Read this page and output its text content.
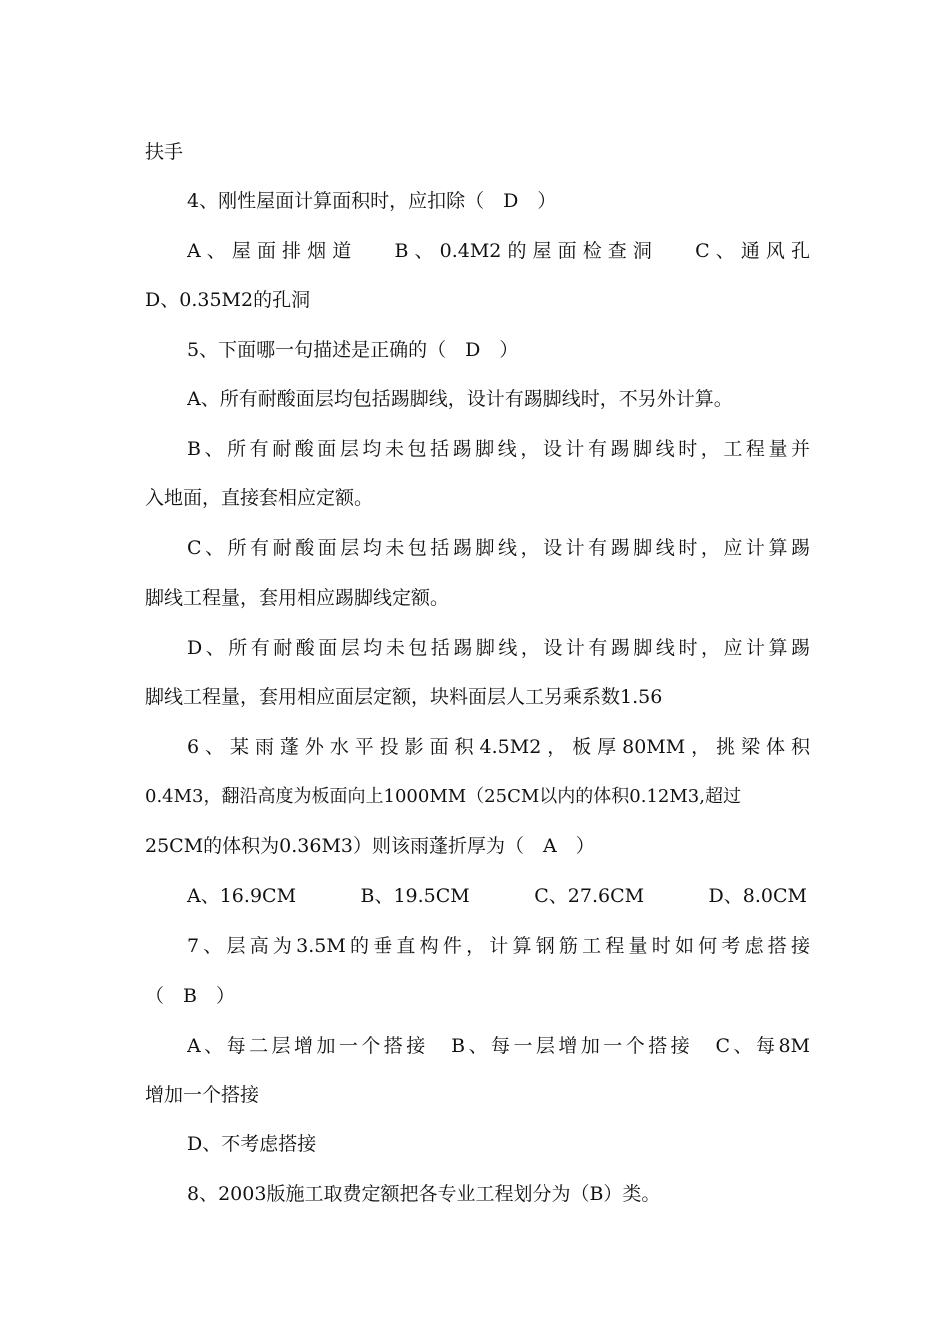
扶手
4、刚性屋面计算面积时，应扣除（　D　）
A、屋面排烟道　 B、0.4M2的屋面检查洞　 C、通风孔
D、0.35M2的孔洞
5、下面哪一句描述是正确的（　D　）
A、所有耐酸面层均包括踢脚线，设计有踢脚线时，不另外计算。
B、所有耐酸面层均未包括踢脚线，设计有踢脚线时，工程量并
入地面，直接套相应定额。
C、所有耐酸面层均未包括踢脚线，设计有踢脚线时，应计算踢
脚线工程量，套用相应踢脚线定额。
D、所有耐酸面层均未包括踢脚线，设计有踢脚线时，应计算踢
脚线工程量，套用相应面层定额，块料面层人工另乘系数1.56
6、某雨蓬外水平投影面积4.5M2，板厚80MM，挑梁体积
0.4M3，翻沿高度为板面向上1000MM（25CM以内的体积0.12M3,超过
25CM的体积为0.36M3）则该雨蓬折厚为（　A　）
A、16.9CM	B、19.5CM	C、27.6CM	D、8.0CM
7、层高为3.5M的垂直构件，计算钢筋工程量时如何考虑搭接
（　B　）
A、每二层增加一个搭接　B、每一层增加一个搭接　C、每8M
增加一个搭接
D、不考虑搭接
8、2003版施工取费定额把各专业工程划分为（B）类。
